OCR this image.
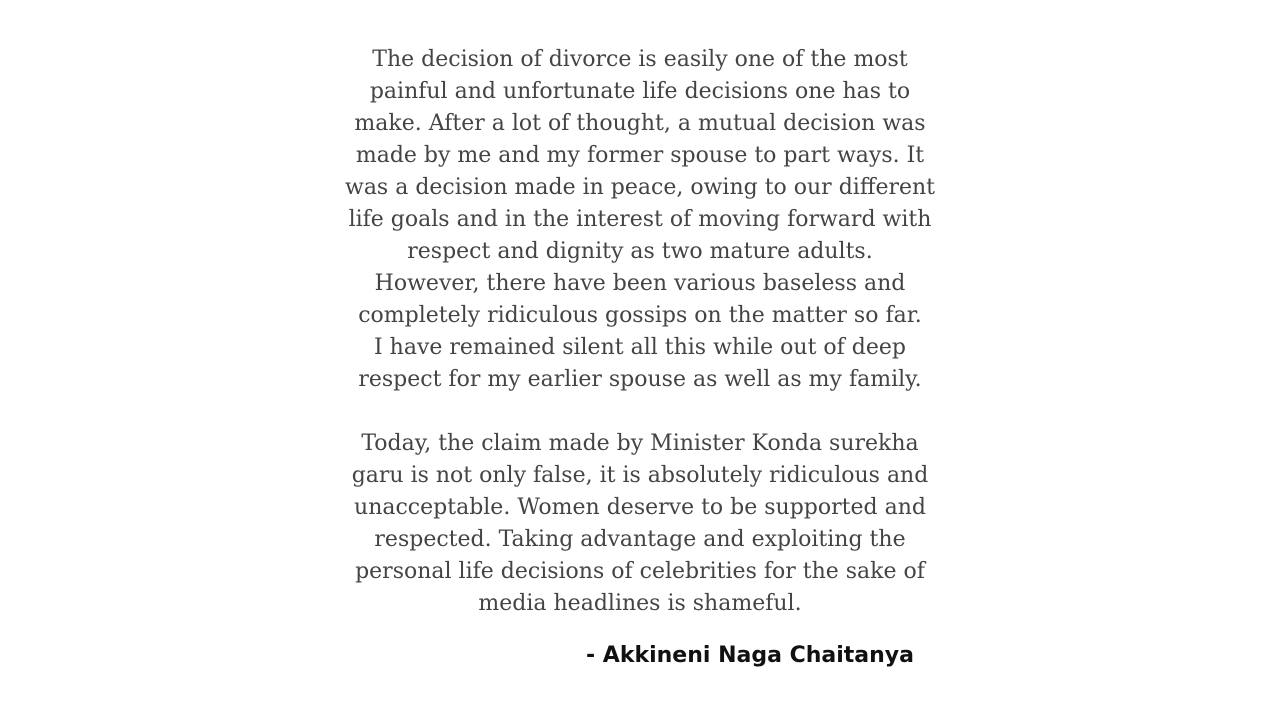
The decision of divorce is easily one of the most
painful and unfortunate life decisions one has to
make. After a lot of thought, a mutual decision was
made by me and my former spouse to part ways. It
was a decision made in peace, owing to our different
life goals and in the interest of moving forward with
respect and dignity as two mature adults.
However, there have been various baseless and
completely ridiculous gossips on the matter so far.
I have remained silent all this while out of deep
respect for my earlier spouse as well as my family.
Today, the claim made by Minister Konda surekha
garu is not only false, it is absolutely ridiculous and
unacceptable. Women deserve to be supported and
respected. Taking advantage and exploiting the
personal life decisions of celebrities for the sake of
media headlines is shameful.
- Akkineni Naga Chaitanya
